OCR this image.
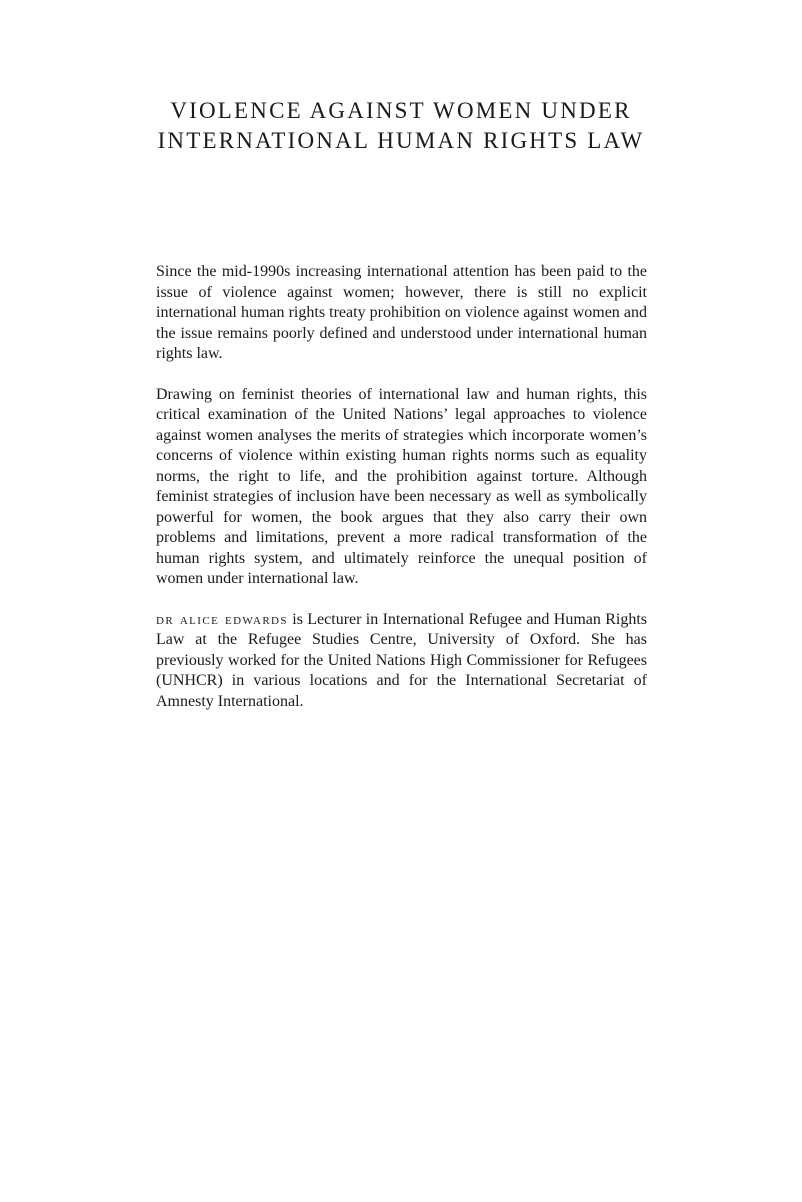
VIOLENCE AGAINST WOMEN UNDER
INTERNATIONAL HUMAN RIGHTS LAW

Since the mid-1990s increasing international attention has been paid to the issue of violence against women; however, there is still no explicit international human rights treaty prohibition on violence against women and the issue remains poorly defined and understood under international human rights law.

Drawing on feminist theories of international law and human rights, this critical examination of the United Nations’ legal approaches to violence against women analyses the merits of strategies which incorporate women’s concerns of violence within existing human rights norms such as equality norms, the right to life, and the prohibition against torture. Although feminist strategies of inclusion have been necessary as well as symbolically powerful for women, the book argues that they also carry their own problems and limitations, prevent a more radical transformation of the human rights system, and ultimately reinforce the unequal position of women under international law.

dr alice edwards is Lecturer in International Refugee and Human Rights Law at the Refugee Studies Centre, University of Oxford. She has previously worked for the United Nations High Commissioner for Refugees (UNHCR) in various locations and for the International Secretariat of Amnesty International.
